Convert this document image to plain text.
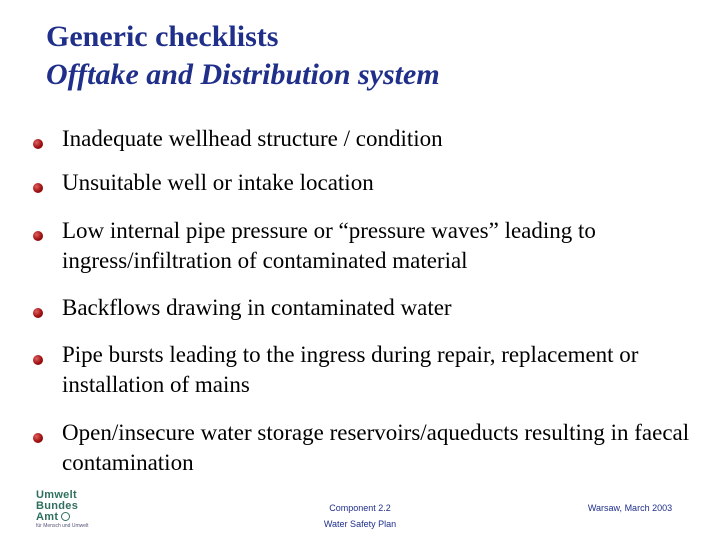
Generic checklists
Offtake and Distribution system
Inadequate wellhead structure / condition
Unsuitable well or intake location
Low internal pipe pressure or “pressure waves” leading to ingress/infiltration of contaminated material
Backflows drawing in contaminated water
Pipe bursts leading to the ingress during repair, replacement or installation of mains
Open/insecure water storage reservoirs/aqueducts resulting in faecal contamination
Umwelt
Bundes
Amt
für Mensch und Umwelt
Component 2.2
Water Safety Plan
Warsaw, March 2003
